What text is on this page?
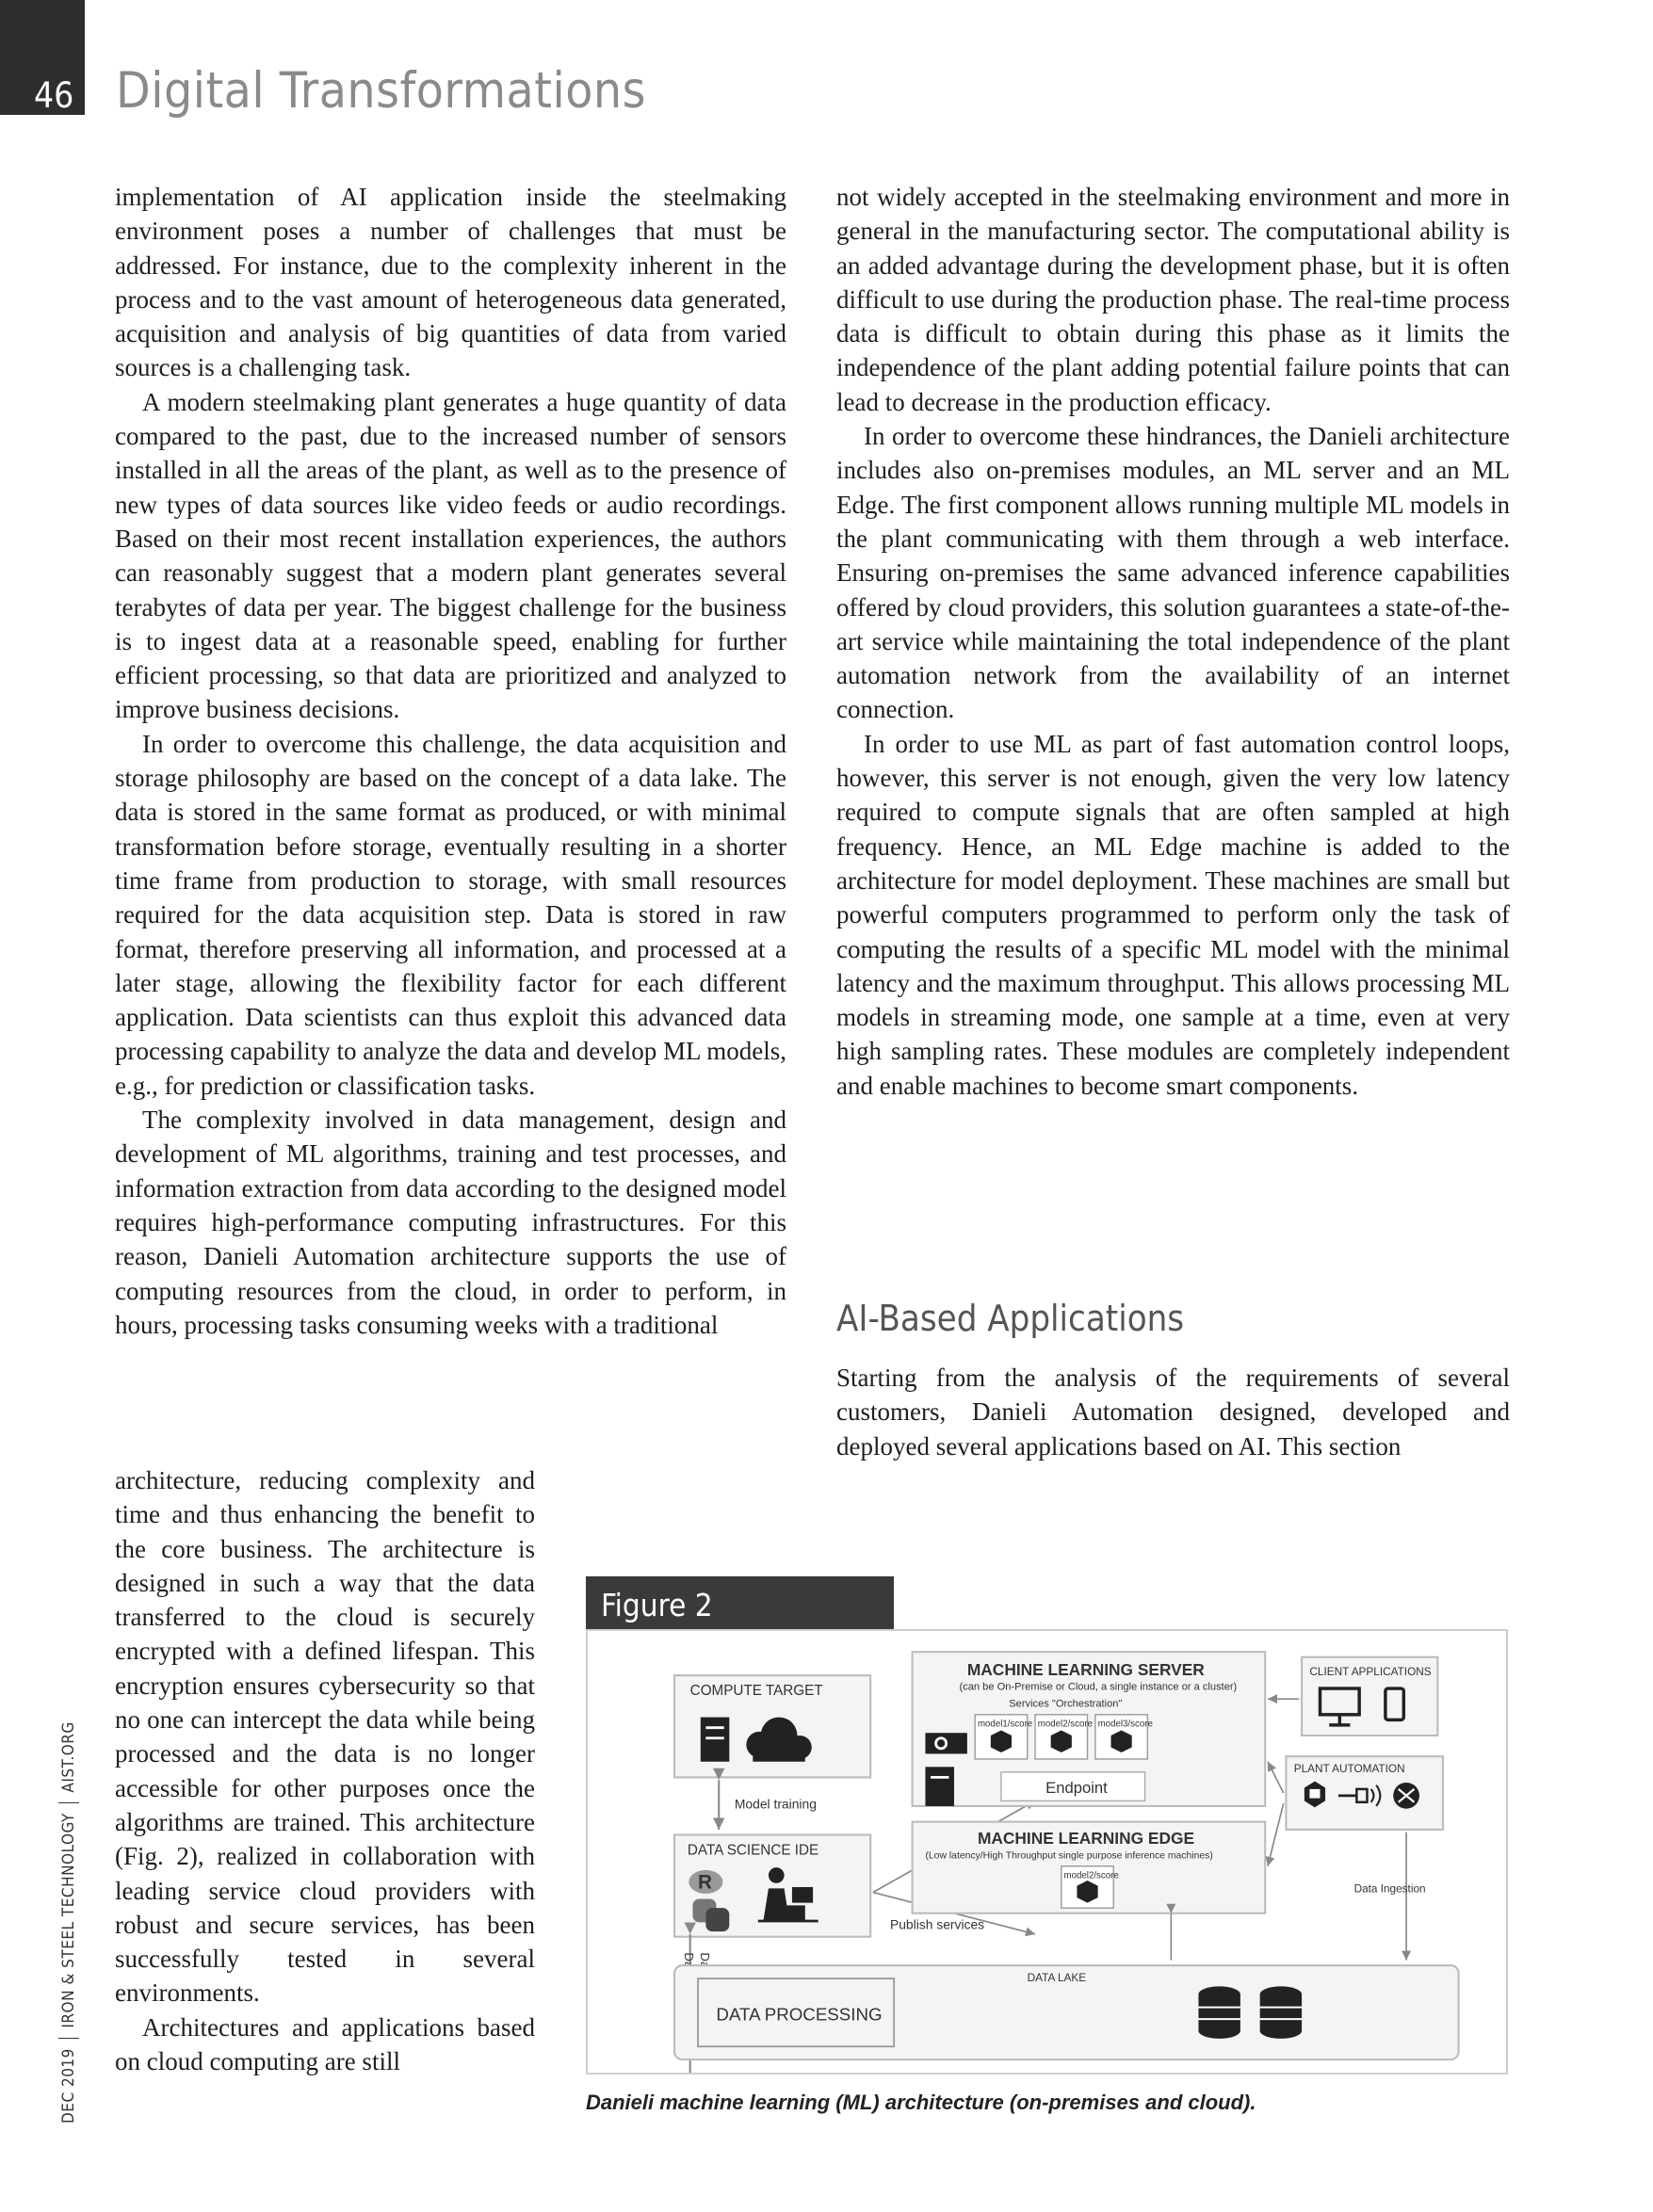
46 Digital Transformations
DEC 2019IRON & STEEL TECHNOLOGYAIST.ORG

implementation of AI application inside the steelmaking environment poses a number of challenges that must be addressed. For instance, due to the complexity inherent in the process and to the vast amount of heterogeneous data generated, acquisition and analysis of big quantities of data from varied sources is a challenging task.

A modern steelmaking plant generates a huge quantity of data compared to the past, due to the increased number of sensors installed in all the areas of the plant, as well as to the presence of new types of data sources like video feeds or audio recordings. Based on their most recent installation experiences, the authors can reasonably suggest that a modern plant generates several terabytes of data per year. The biggest challenge for the business is to ingest data at a reasonable speed, enabling for further efficient processing, so that data are prioritized and analyzed to improve business decisions.

In order to overcome this challenge, the data acquisition and storage philosophy are based on the concept of a data lake. The data is stored in the same format as produced, or with minimal transformation before storage, eventually resulting in a shorter time frame from production to storage, with small resources required for the data acquisition step. Data is stored in raw format, therefore preserving all information, and processed at a later stage, allowing the flexibility factor for each different application. Data scientists can thus exploit this advanced data processing capability to analyze the data and develop ML models, e.g., for prediction or classification tasks.

The complexity involved in data management, design and development of ML algorithms, training and test processes, and information extraction from data according to the designed model requires high-performance computing infrastructures. For this reason, Danieli Automation architecture supports the use of computing resources from the cloud, in order to perform, in hours, processing tasks consuming weeks with a traditional

architecture, reducing complexity and time and thus enhancing the benefit to the core business. The architecture is designed in such a way that the data transferred to the cloud is securely encrypted with a defined lifespan. This encryption ensures cybersecurity so that no one can intercept the data while being processed and the data is no longer accessible for other purposes once the algorithms are trained. This architecture (Fig. 2), realized in collaboration with leading service cloud providers with robust and secure services, has been successfully tested in several environments.

Architectures and applications based on cloud computing are still

not widely accepted in the steelmaking environment and more in general in the manufacturing sector. The computational ability is an added advantage during the development phase, but it is often difficult to use during the production phase. The real-time process data is difficult to obtain during this phase as it limits the independence of the plant adding potential failure points that can lead to decrease in the production efficacy.

In order to overcome these hindrances, the Danieli architecture includes also on-premises modules, an ML server and an ML Edge. The first component allows running multiple ML models in the plant communicating with them through a web interface. Ensuring on-premises the same advanced inference capabilities offered by cloud providers, this solution guarantees a state-of-the-art service while maintaining the total independence of the plant automation network from the availability of an internet connection.

In order to use ML as part of fast automation control loops, however, this server is not enough, given the very low latency required to compute signals that are often sampled at high frequency. Hence, an ML Edge machine is added to the architecture for model deployment. These machines are small but powerful computers programmed to perform only the task of computing the results of a specific ML model with the minimal latency and the maximum throughput. This allows processing ML models in streaming mode, one sample at a time, even at very high sampling rates. These modules are completely independent and enable machines to become smart components.

AI-Based Applications

Starting from the analysis of the requirements of several customers, Danieli Automation designed, developed and deployed several applications based on AI. This section

Figure 2
COMPUTE TARGET
Model training
DATA SCIENCE IDE
R
Publish services
MACHINE LEARNING SERVER
(can be On-Premise or Cloud, a single instance or a cluster)
Services "Orchestration"
model1/score model2/score model3/score
Endpoint
MACHINE LEARNING EDGE
(Low latency/High Throughput single purpose inference machines)
model2/score
CLIENT APPLICATIONS
PLANT AUTOMATION
Data Ingestion
DATA LAKE
DATA PROCESSING
Danieli machine learning (ML) architecture (on-premises and cloud).
